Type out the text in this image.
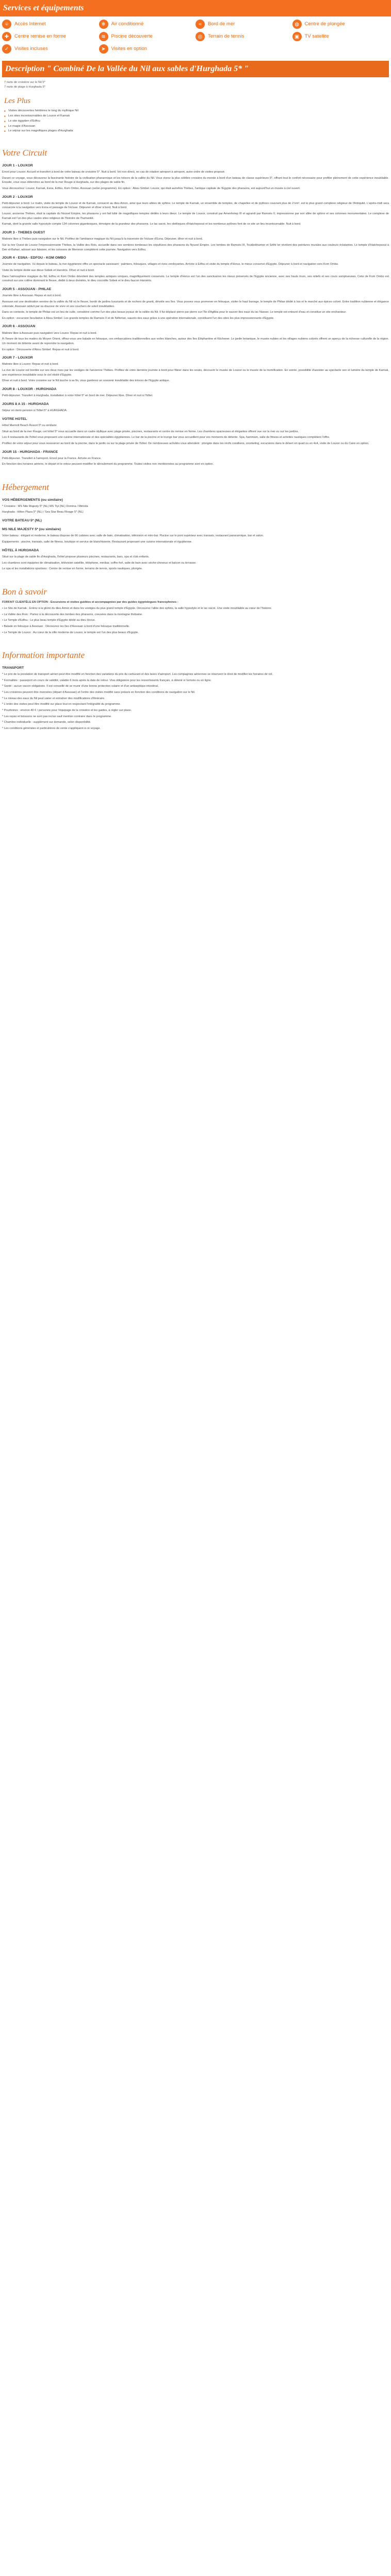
Services et équipements
⌾	Accès Internet	❄	Air conditionné	≈	Bord de mer	◍	Centre de plongée
✚	Centre remise en forme	≋	Piscine découverte	◎	Terrain de tennis	▣	TV satellite
✓	Visites incluses	➤	Visites en option
Description " Combiné De la Vallée du Nil aux sables d'Hurghada 5* "
7 nuits de croisière sur le Nil 5*
7 nuits de plage à Hurghada 5*
Les Plus
■ Visites découvertes héritières le long du mythique Nil
■ Les sites incontournables de Louxor et Karnak
■ Le site égyptien d'Edfou
■ Le magie d'Assouan
■ Le séjour sur les magnifiques plages d'Hurghada
Votre Circuit
JOUR 1 - LOUXOR

Envol pour Louxor. Accueil et transfert à bord de votre bateau de croisière 5*. Nuit à bord. Vol non direct, en cas de rotation aéroport à aéroport, autre ordre de visites proposé.

Durant ce voyage, vous découvrez la fascinante histoire de la civilisation pharaonique et les trésors de la vallée du Nil. Vous vivrez la plus célèbre croisière du monde à bord d'un bateau de classe supérieure 5*, offrant tout le confort nécessaire pour profiter pleinement de cette expérience inoubliable. Ensuite, vous vous détendrez au bord de la mer Rouge à Hurghada, sur des plages de sable fin.

Vous découvrirez: Louxor, Karnak, Esna, Edfou, Kom Ombo, Assouan (selon programme). En option : Abou Simbel. Louxor, qui était autrefois Thèbes, l'antique capitale de l'Egypte des pharaons, est aujourd'hui un musée à ciel ouvert.

JOUR 2 - LOUXOR

Petit-déjeuner à bord. Le matin, visite du temple de Louxor et de Karnak, consacré au dieu Amon, ainsi que leurs allées de sphinx. Le temple de Karnak, un ensemble de temples, de chapelles et de pylônes couvrant plus de 2 km², est le plus grand complexe religieux de l'Antiquité. L'après-midi sera consacrée à la navigation vers Esna et passage de l'écluse. Déjeuner et dîner à bord. Nuit à bord.

Louxor, ancienne Thèbes, était la capitale du Nouvel Empire, les pharaons y ont fait bâtir de magnifiques temples dédiés à leurs dieux. Le temple de Louxor, construit par Amenhotep III et agrandi par Ramsès II, impressionne par son allée de sphinx et ses colonnes monumentales. Le complexe de Karnak est l'un des plus vastes sites religieux de l'histoire de l'humanité.

Karnak, dont la grande salle hypostyle compte 134 colonnes gigantesques, témoigne de la grandeur des pharaons. Le lac sacré, les obélisques d'Hatchepsout et les nombreux pylônes font de ce site un lieu incontournable. Nuit à bord.

JOUR 3 - THEBES OUEST

Matinée libre à Thèbes puis navigation sur le Nil. Profitez de l'ambiance magique du Nil jusqu'à la traversée de l'écluse d'Esna. Déjeuner, dîner et nuit à bord.

Sur la rive Ouest de Louxor l'impressionnante Thèbes, la Vallée des Rois, accueille dans ses sombres tombeaux les sépultures des pharaons du Nouvel Empire. Les tombes de Ramsès III, Toutânkhamon et Séthi Ier révèlent des peintures murales aux couleurs éclatantes. Le temple d'Hatchepsout à Deir el-Bahari, adossé aux falaises, et les colosses de Memnon complètent cette journée. Navigation vers Edfou.

JOUR 4 - ESNA - EDFOU - KOM OMBO

Journée de navigation. Vu depuis le bateau, la rive égyptienne offre un spectacle saisissant : palmiers, felouques, villages et rives verdoyantes. Arrivée à Edfou et visite du temple d'Horus, le mieux conservé d'Egypte. Déjeuner à bord et navigation vers Kom Ombo.

Visite du temple dédié aux dieux Sobek et Haroëris. Dîner et nuit à bord.

Dans l'atmosphère magique du Nil, Edfou et Kom Ombo dévoilent des temples antiques uniques, magnifiquement conservés. Le temple d'Horus est l'un des sanctuaires les mieux préservés de l'Egypte ancienne, avec ses hauts murs, ses reliefs et ses cours somptueuses. Celui de Kom Ombo est construit sur une colline dominant le fleuve, dédié à deux divinités, le dieu crocodile Sobek et le dieu faucon Haroëris.

JOUR 5 - ASSOUAN - PHILAE

Journée libre à Assouan. Repas et nuit à bord.

Assouan est une destination sereine de la vallée du Nil où le fleuve, bordé de jardins luxuriants et de rochers de granit, dévoile ses îles. Vous pouvez vous promener en felouque, visiter le haut barrage, le temple de Philae dédié à Isis et le marché aux épices coloré. Entre tradition nubienne et élégance coloniale, Assouan séduit par sa douceur de vivre et ses couchers de soleil inoubliables.

Dans ce contexte, le temple de Philae est un lieu de culte, considéré comme l'un des plus beaux joyaux de la vallée du Nil. Il fut déplacé pierre par pierre sur l'île d'Agilkia pour le sauver des eaux du lac Nasser. Le temple est entouré d'eau et constitue un site enchanteur.

En option : excursion facultative à Abou Simbel. Les grands temples de Ramsès II et de Néfertari, sauvés des eaux grâce à une opération internationale, constituent l'un des sites les plus impressionnants d'Egypte.

JOUR 6 - ASSOUAN

Matinée libre à Assouan puis navigation vers Louxor. Repas et nuit à bord.

À l'heure de tous les matins du Moyen Orient, offrez-vous une balade en felouque, ces embarcations traditionnelles aux voiles blanches, autour des îles Eléphantine et Kitchener. Le jardin botanique, le musée nubien et les villages nubiens colorés offrent un aperçu de la richesse culturelle de la région. Un moment de détente avant de reprendre la navigation.

En option : Découverte d'Abou Simbel. Repas et nuit à bord.

JOUR 7 - LOUXOR

Matinée libre à Louxor. Repas et nuit à bord.

La rive de Louxor est bordée sur ses deux rives par les vestiges de l'ancienne Thèbes. Profitez de votre dernière journée à bord pour flâner dans les souks, découvrir le musée de Louxor ou le musée de la momification. En soirée, possibilité d'assister au spectacle son et lumière du temple de Karnak, une expérience inoubliable sous le ciel étoilé d'Egypte.

Dîner et nuit à bord. Votre croisière sur le Nil touche à sa fin, vous garderez un souvenir inoubliable des trésors de l'Egypte antique.

JOUR 8 - LOUXOR - HURGHADA

Petit-déjeuner. Transfert à Hurghada. Installation à votre hôtel 5* en bord de mer. Déjeuner libre. Dîner et nuit à l'hôtel.

JOURS 8 A 15 - HURGHADA

Séjour en demi-pension à l'hôtel 5* à HURGHADA.

VOTRE HOTEL

Hôtel Marriott Beach Resort 5* ou similaire

Situé au bord de la mer Rouge, cet hôtel 5* vous accueille dans un cadre idyllique avec plage privée, piscines, restaurants et centre de remise en forme. Les chambres spacieuses et élégantes offrent vue sur la mer ou sur les jardins.

Les 4 restaurants de l'hôtel vous proposent une cuisine internationale et des spécialités égyptiennes. Le bar de la piscine et le lounge bar vous accueillent pour vos moments de détente. Spa, hammam, salle de fitness et activités nautiques complètent l'offre.

Profitez de votre séjour pour vous ressourcer au bord de la piscine, dans le jardin ou sur la plage privée de l'hôtel. De nombreuses activités vous attendent : plongée dans les récifs coralliens, snorkeling, excursions dans le désert en quad ou en 4x4, visite de Louxor ou du Caire en option.

JOUR 15 - HURGHADA - FRANCE

Petit-déjeuner. Transfert à l'aéroport. Envol pour la France. Arrivée en France.

En fonction des horaires aériens, le départ et le retour peuvent modifier le déroulement du programme. Toutes visites non mentionnées au programme sont en option.

Hébergement
VOS HÉBERGEMENTS (ou similaire)

* Croisière : MS Nile Majesty 5* (NL) MS Tiyi (NL) Domina / Mirinda

Hurghada : Hilton Plaza 5* (NL) / Sea Star Beau Rivage 5* (NL)

VOTRE BATEAU 5* (NL)
MS NILE MAJESTY 5* (ou similaire)

Votre bateau : élégant et moderne, le bateau dispose de 66 cabines avec salle de bain, climatisation, télévision et mini-bar. Piscine sur le pont supérieur avec transats, restaurant panoramique, bar et salon.

Équipements : piscine, transats, salle de fitness, boutique et service de blanchisserie. Restaurant proposant une cuisine internationale et égyptienne.

HÔTEL À HURGHADA

Situé sur la plage de sable fin d'Hurghada, l'hôtel propose plusieurs piscines, restaurants, bars, spa et club enfants.

Les chambres sont équipées de climatisation, télévision satellite, téléphone, minibar, coffre-fort, salle de bain avec sèche-cheveux et balcon ou terrasse.

Le spa et les installations sportives : Centre de remise en forme, terrains de tennis, sports nautiques, plongée.

Bon à savoir

FORFAIT CLIENTÈLE EN OPTION - Excursions et visites guidées et accompagnées par des guides égyptologues francophones :

• Le Site de Karnak : Entrez à la gloire du dieu Amon et dans les vestiges du plus grand temple d'Egypte. Découvrez l'allée des sphinx, la salle hypostyle et le lac sacré. Une visite inoubliable au cœur de l'histoire.

• La Vallée des Rois : Partez à la découverte des tombes des pharaons, creusées dans la montagne thébaine.

• Le Temple d'Edfou : Le plus beau temple d'Egypte dédié au dieu Horus.

• Balade en felouque à Assouan : Découvrez les îles d'Assouan à bord d'une felouque traditionnelle.

• Le Temple de Louxor : Au cœur de la ville moderne de Louxor, le temple est l'un des plus beaux d'Egypte.

Information importante
TRANSPORT

* Le prix de la prestation de transport aérien peut être modifié en fonction des variations du prix du carburant et des taxes d'aéroport. Les compagnies aériennes se réservent le droit de modifier les horaires de vol.

* Formalités : passeport en cours de validité, valable 6 mois après la date de retour. Visa obligatoire pour les ressortissants français, à obtenir à l'arrivée ou en ligne.

* Santé : aucun vaccin obligatoire. Il est conseillé de se munir d'une bonne protection solaire et d'un antiseptique intestinal.

* Les croisières peuvent être inversées (départ d'Assouan) et l'ordre des visites modifié sans préavis en fonction des conditions de navigation sur le Nil.

* Le niveau des eaux du Nil peut varier et entraîner des modifications d'itinéraire.

* L'ordre des visites peut être modifié sur place tout en respectant l'intégralité du programme.

* Pourboires : environ 40 € / personne pour l'équipage de la croisière et les guides, à régler sur place.

* Les repas et boissons ne sont pas inclus sauf mention contraire dans le programme.

* Chambre individuelle : supplément sur demande, selon disponibilité.

* Les conditions générales et particulières de vente s'appliquent à ce voyage.
